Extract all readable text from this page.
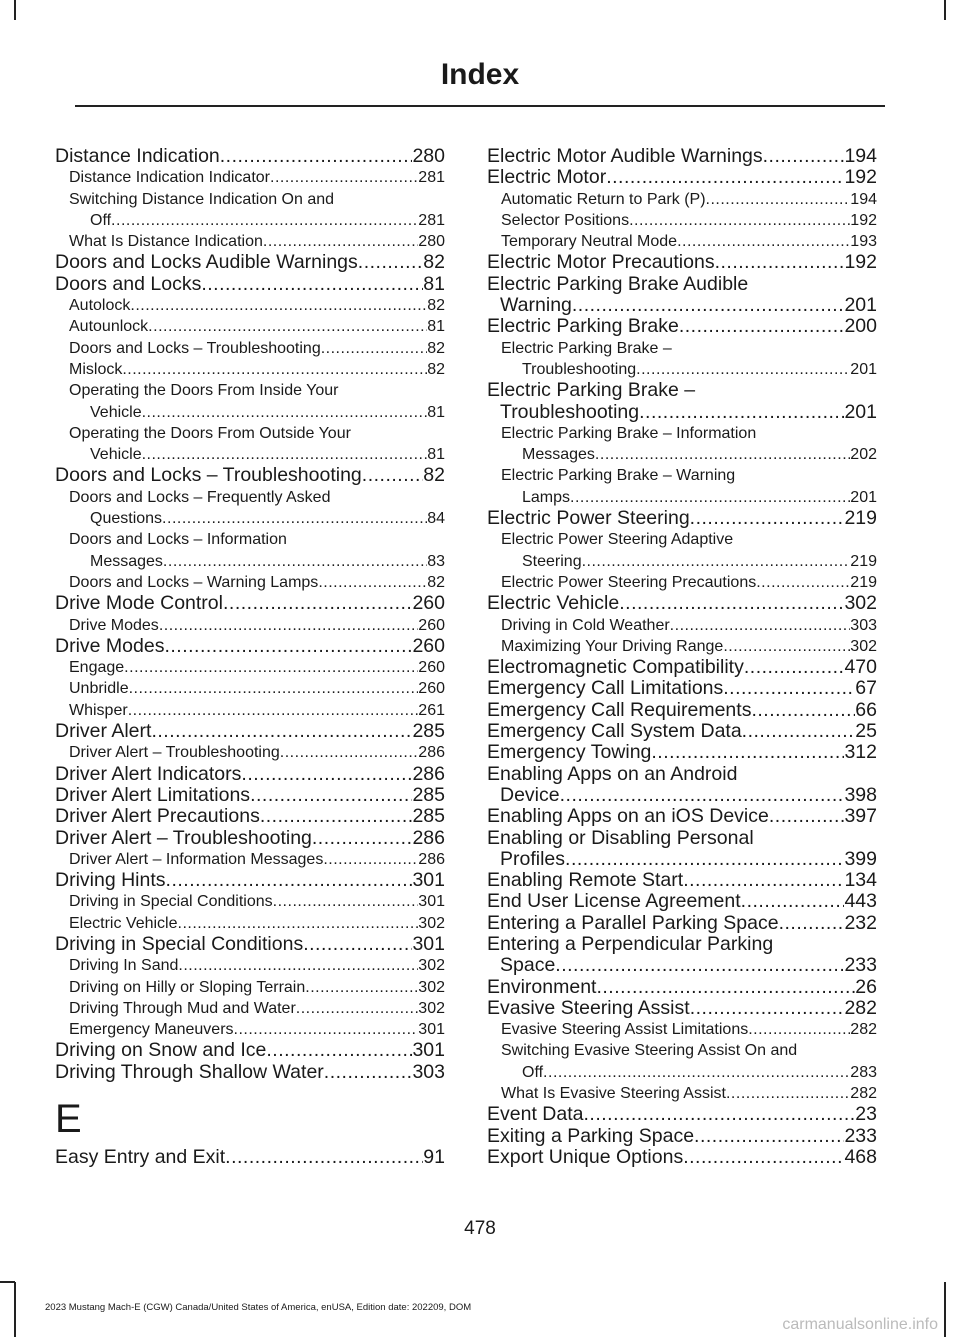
Index
Distance Indication .....	280
Distance Indication Indicator .....	281
Switching Distance Indication On and
Off .....	281
What Is Distance Indication .....	280
Doors and Locks Audible Warnings .....	82
Doors and Locks .....	81
Autolock .....	82
Autounlock .....	81
Doors and Locks – Troubleshooting .....	82
Mislock .....	82
Operating the Doors From Inside Your
Vehicle .....	81
Operating the Doors From Outside Your
Vehicle .....	81
Doors and Locks – Troubleshooting .....	82
Doors and Locks – Frequently Asked
Questions .....	84
Doors and Locks – Information
Messages .....	83
Doors and Locks – Warning Lamps .....	82
Drive Mode Control .....	260
Drive Modes .....	260
Drive Modes .....	260
Engage .....	260
Unbridle .....	260
Whisper .....	261
Driver Alert .....	285
Driver Alert – Troubleshooting .....	286
Driver Alert Indicators .....	286
Driver Alert Limitations .....	285
Driver Alert Precautions .....	285
Driver Alert – Troubleshooting .....	286
Driver Alert – Information Messages .....	286
Driving Hints .....	301
Driving in Special Conditions .....	301
Electric Vehicle .....	302
Driving in Special Conditions .....	301
Driving In Sand .....	302
Driving on Hilly or Sloping Terrain .....	302
Driving Through Mud and Water .....	302
Emergency Maneuvers .....	301
Driving on Snow and Ice .....	301
Driving Through Shallow Water .....	303
E
Easy Entry and Exit .....	91
Electric Motor Audible Warnings .....	194
Electric Motor .....	192
Automatic Return to Park (P) .....	194
Selector Positions .....	192
Temporary Neutral Mode .....	193
Electric Motor Precautions .....	192
Electric Parking Brake Audible
Warning .....	201
Electric Parking Brake .....	200
Electric Parking Brake –
Troubleshooting .....	201
Electric Parking Brake –
Troubleshooting .....	201
Electric Parking Brake – Information
Messages .....	202
Electric Parking Brake – Warning
Lamps .....	201
Electric Power Steering .....	219
Electric Power Steering Adaptive
Steering .....	219
Electric Power Steering Precautions .....	219
Electric Vehicle .....	302
Driving in Cold Weather .....	303
Maximizing Your Driving Range .....	302
Electromagnetic Compatibility .....	470
Emergency Call Limitations .....	67
Emergency Call Requirements .....	66
Emergency Call System Data .....	25
Emergency Towing .....	312
Enabling Apps on an Android
Device .....	398
Enabling Apps on an iOS Device .....	397
Enabling or Disabling Personal
Profiles .....	399
Enabling Remote Start .....	134
End User License Agreement .....	443
Entering a Parallel Parking Space .....	232
Entering a Perpendicular Parking
Space .....	233
Environment .....	26
Evasive Steering Assist .....	282
Evasive Steering Assist Limitations .....	282
Switching Evasive Steering Assist On and
Off .....	283
What Is Evasive Steering Assist .....	282
Event Data .....	23
Exiting a Parking Space .....	233
Export Unique Options .....	468
478
2023 Mustang Mach-E (CGW) Canada/United States of America, enUSA, Edition date: 202209, DOM
carmanualsonline.info
